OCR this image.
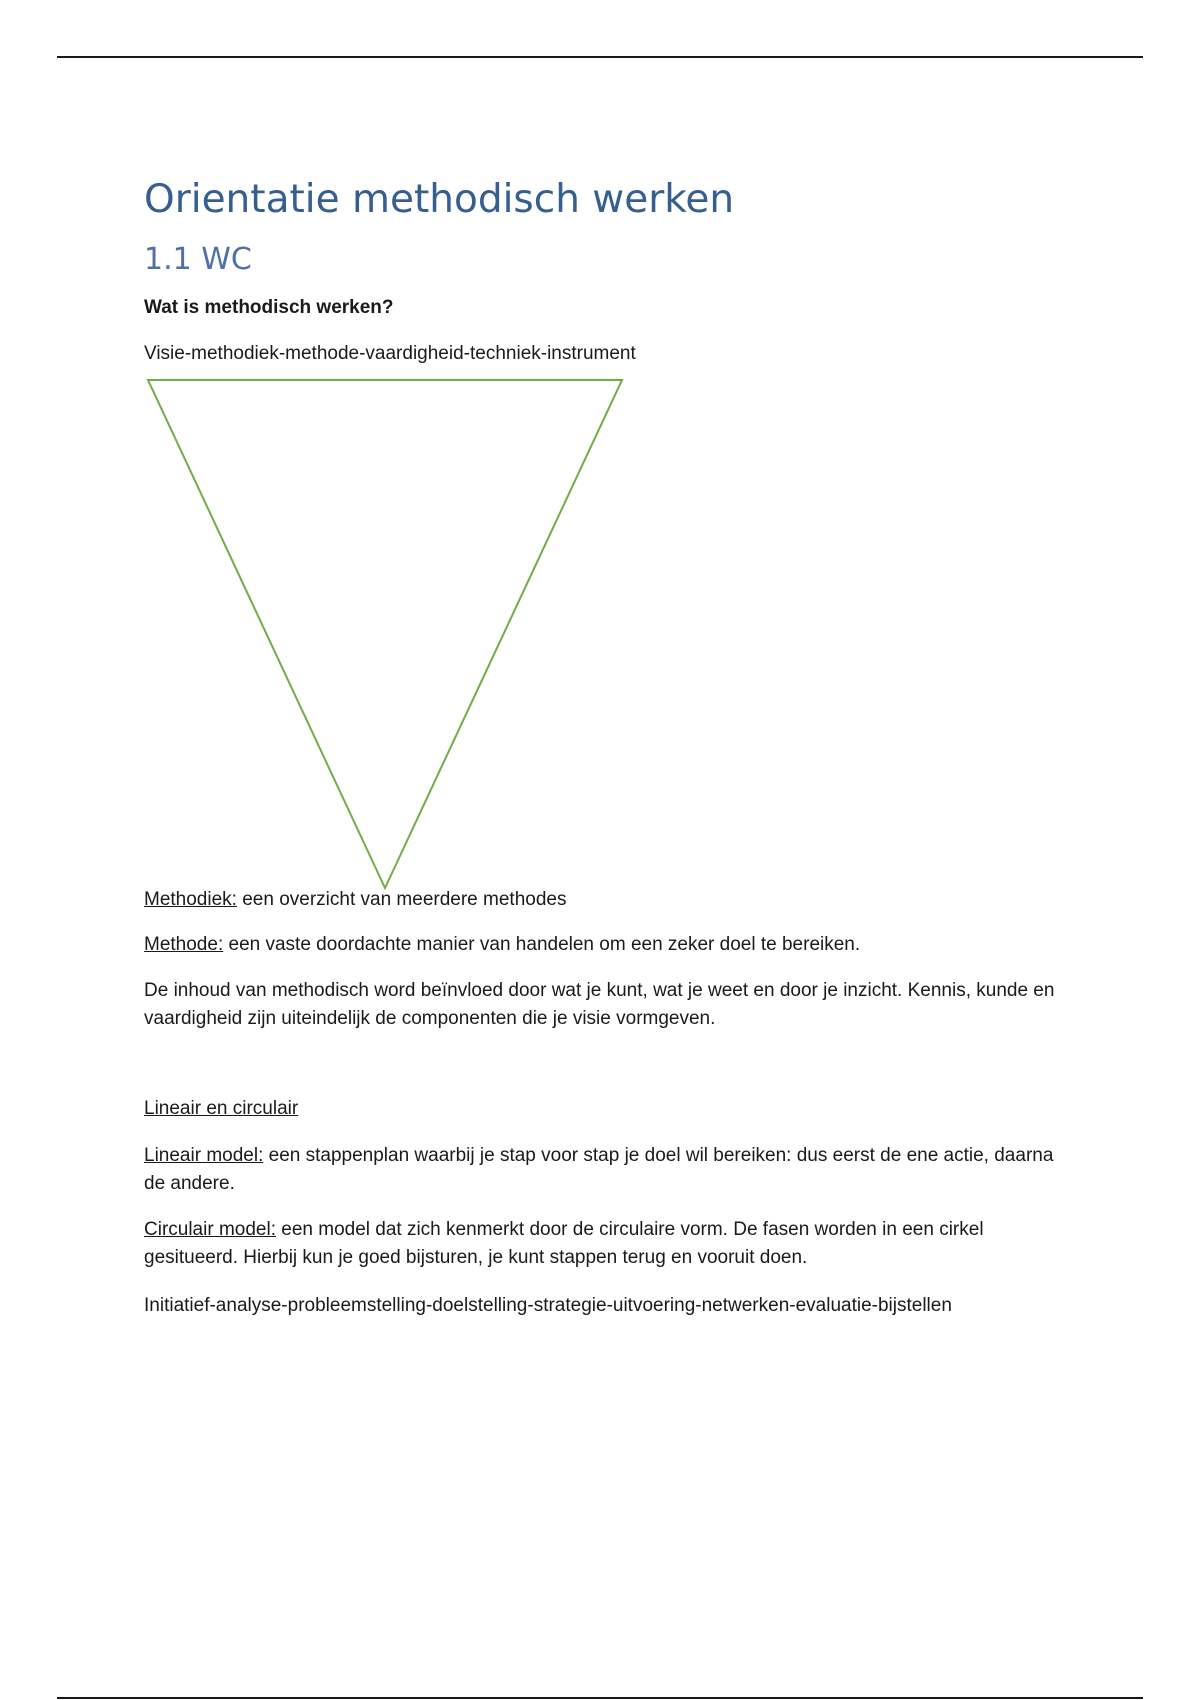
Orientatie methodisch werken
1.1 WC

Wat is methodisch werken?

Visie-methodiek-methode-vaardigheid-techniek-instrument

Methodiek: een overzicht van meerdere methodes

Methode: een vaste doordachte manier van handelen om een zeker doel te bereiken.

De inhoud van methodisch word beïnvloed door wat je kunt, wat je weet en door je inzicht. Kennis, kunde en vaardigheid zijn uiteindelijk de componenten die je visie vormgeven.

Lineair en circulair

Lineair model: een stappenplan waarbij je stap voor stap je doel wil bereiken: dus eerst de ene actie, daarna de andere.

Circulair model: een model dat zich kenmerkt door de circulaire vorm. De fasen worden in een cirkel gesitueerd. Hierbij kun je goed bijsturen, je kunt stappen terug en vooruit doen.

Initiatief-analyse-probleemstelling-doelstelling-strategie-uitvoering-netwerken-evaluatie-bijstellen
